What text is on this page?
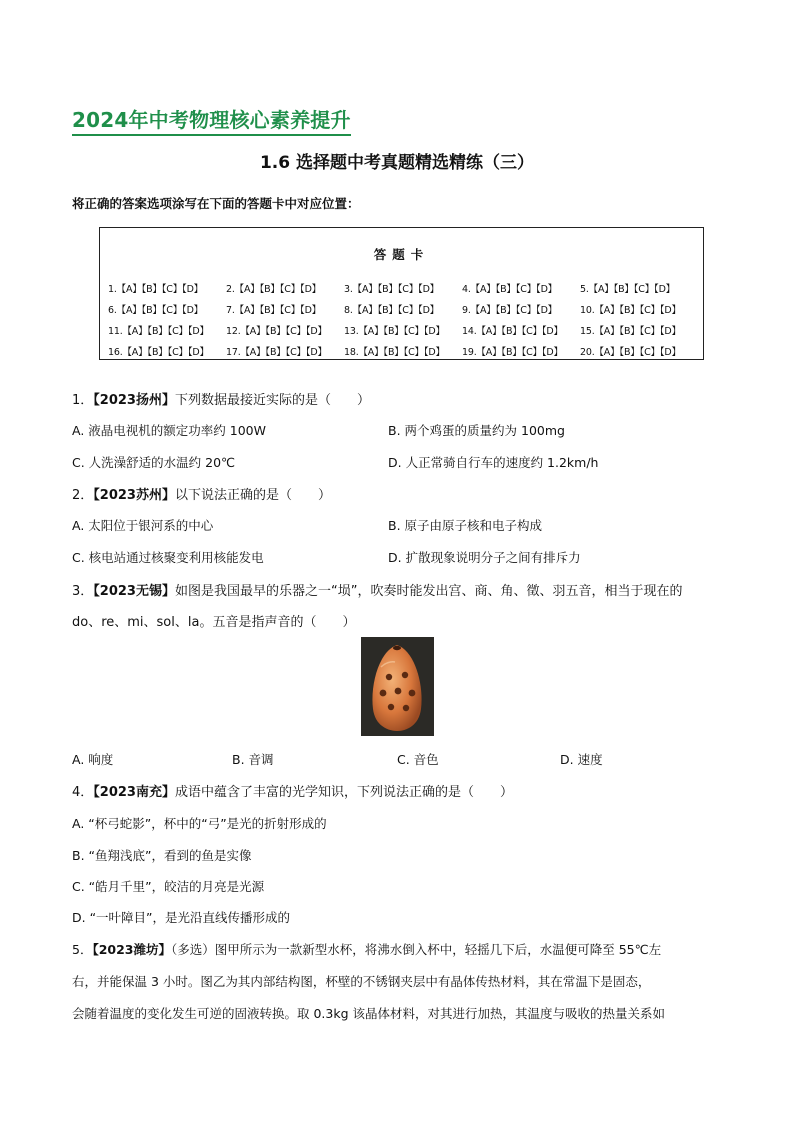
2024年中考物理核心素养提升
1.6 选择题中考真题精选精练（三）
将正确的答案选项涂写在下面的答题卡中对应位置：
答题卡
1.【A】【B】【C】【D】	2.【A】【B】【C】【D】	3.【A】【B】【C】【D】	4.【A】【B】【C】【D】	5.【A】【B】【C】【D】
6.【A】【B】【C】【D】	7.【A】【B】【C】【D】	8.【A】【B】【C】【D】	9.【A】【B】【C】【D】	10.【A】【B】【C】【D】
11.【A】【B】【C】【D】	12.【A】【B】【C】【D】	13.【A】【B】【C】【D】	14.【A】【B】【C】【D】	15.【A】【B】【C】【D】
16.【A】【B】【C】【D】	17.【A】【B】【C】【D】	18.【A】【B】【C】【D】	19.【A】【B】【C】【D】	20.【A】【B】【C】【D】
1．【2023扬州】下列数据最接近实际的是（　　）
A. 液晶电视机的额定功率约 100W	B. 两个鸡蛋的质量约为 100mg
C. 人洗澡舒适的水温约 20℃	D. 人正常骑自行车的速度约 1.2km/h
2．【2023苏州】以下说法正确的是（　　）
A. 太阳位于银河系的中心	B. 原子由原子核和电子构成
C. 核电站通过核聚变利用核能发电	D. 扩散现象说明分子之间有排斥力
3．【2023无锡】如图是我国最早的乐器之一“埙”，吹奏时能发出宫、商、角、徵、羽五音，相当于现在的
do、re、mi、sol、la。五音是指声音的（　　）
A. 响度	B. 音调	C. 音色	D. 速度
4．【2023南充】成语中蕴含了丰富的光学知识，下列说法正确的是（　　）
A. “杯弓蛇影”，杯中的“弓”是光的折射形成的
B. “鱼翔浅底”，看到的鱼是实像
C. “皓月千里”，皎洁的月亮是光源
D. “一叶障目”，是光沿直线传播形成的
5．【2023潍坊】（多选）图甲所示为一款新型水杯，将沸水倒入杯中，轻摇几下后，水温便可降至 55℃左
右，并能保温 3 小时。图乙为其内部结构图，杯壁的不锈钢夹层中有晶体传热材料，其在常温下是固态，
会随着温度的变化发生可逆的固液转换。取 0.3kg 该晶体材料，对其进行加热，其温度与吸收的热量关系如
